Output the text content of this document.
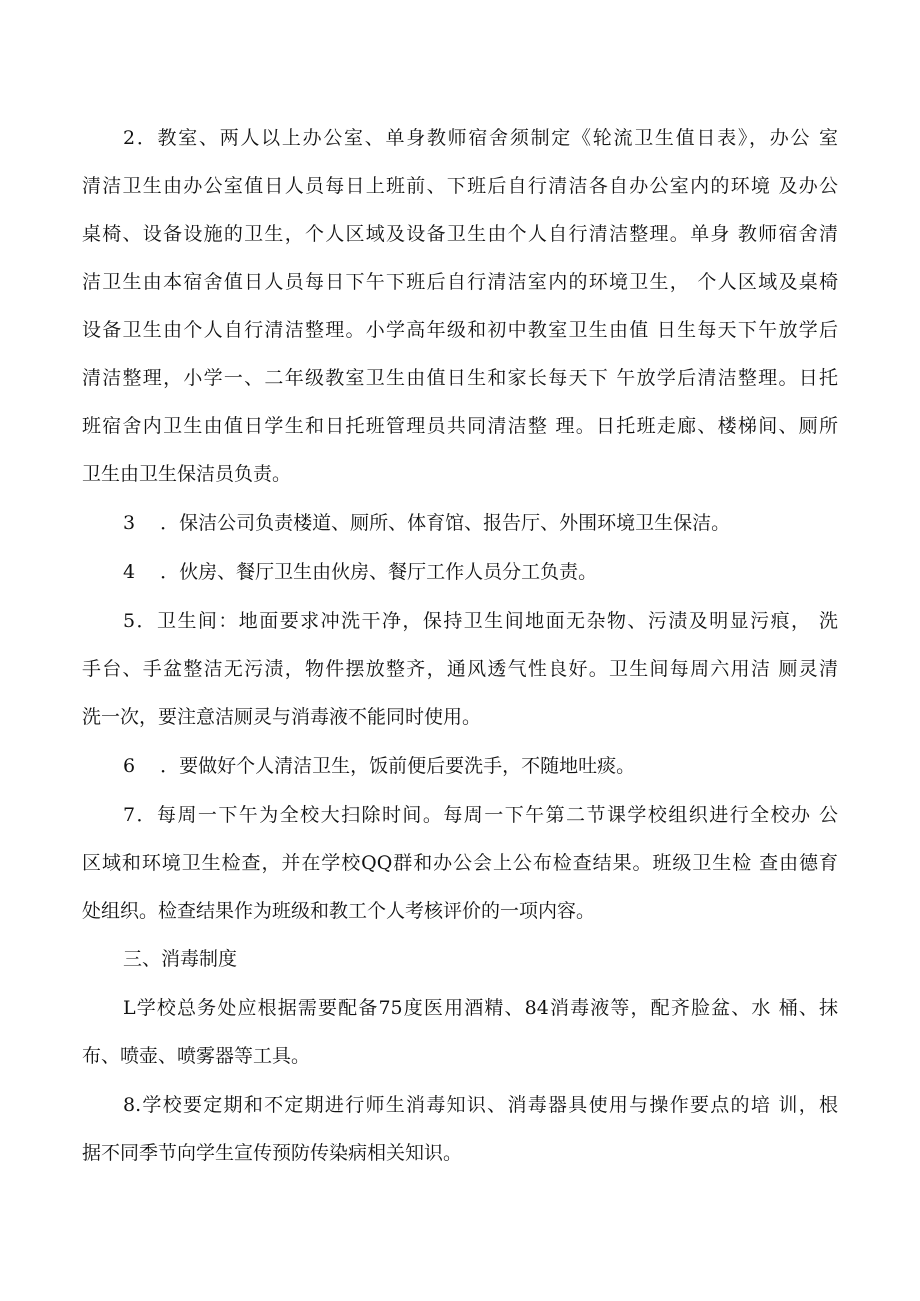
2．教室、两人以上办公室、单身教师宿舍须制定《轮流卫生值日表》，办公 室
清洁卫生由办公室值日人员每日上班前、下班后自行清洁各自办公室内的环境 及办公
桌椅、设备设施的卫生，个人区域及设备卫生由个人自行清洁整理。单身 教师宿舍清
洁卫生由本宿舍值日人员每日下午下班后自行清洁室内的环境卫生， 个人区域及桌椅
设备卫生由个人自行清洁整理。小学高年级和初中教室卫生由值 日生每天下午放学后
清洁整理，小学一、二年级教室卫生由值日生和家长每天下 午放学后清洁整理。日托
班宿舍内卫生由值日学生和日托班管理员共同清洁整 理。日托班走廊、楼梯间、厕所
卫生由卫生保洁员负责。
3　 ．保洁公司负责楼道、厕所、体育馆、报告厅、外围环境卫生保洁。
4　 ．伙房、餐厅卫生由伙房、餐厅工作人员分工负责。
5．卫生间：地面要求冲洗干净，保持卫生间地面无杂物、污渍及明显污痕， 洗
手台、手盆整洁无污渍，物件摆放整齐，通风透气性良好。卫生间每周六用洁 厕灵清
洗一次，要注意洁厕灵与消毒液不能同时使用。
6　 ．要做好个人清洁卫生，饭前便后要洗手，不随地吐痰。
7．每周一下午为全校大扫除时间。每周一下午第二节课学校组织进行全校办 公
区域和环境卫生检查，并在学校QQ群和办公会上公布检查结果。班级卫生检 查由德育
处组织。检查结果作为班级和教工个人考核评价的一项内容。
三、消毒制度
L学校总务处应根据需要配备75度医用酒精、84消毒液等，配齐脸盆、水 桶、抹
布、喷壶、喷雾器等工具。
8.学校要定期和不定期进行师生消毒知识、消毒器具使用与操作要点的培 训，根
据不同季节向学生宣传预防传染病相关知识。
